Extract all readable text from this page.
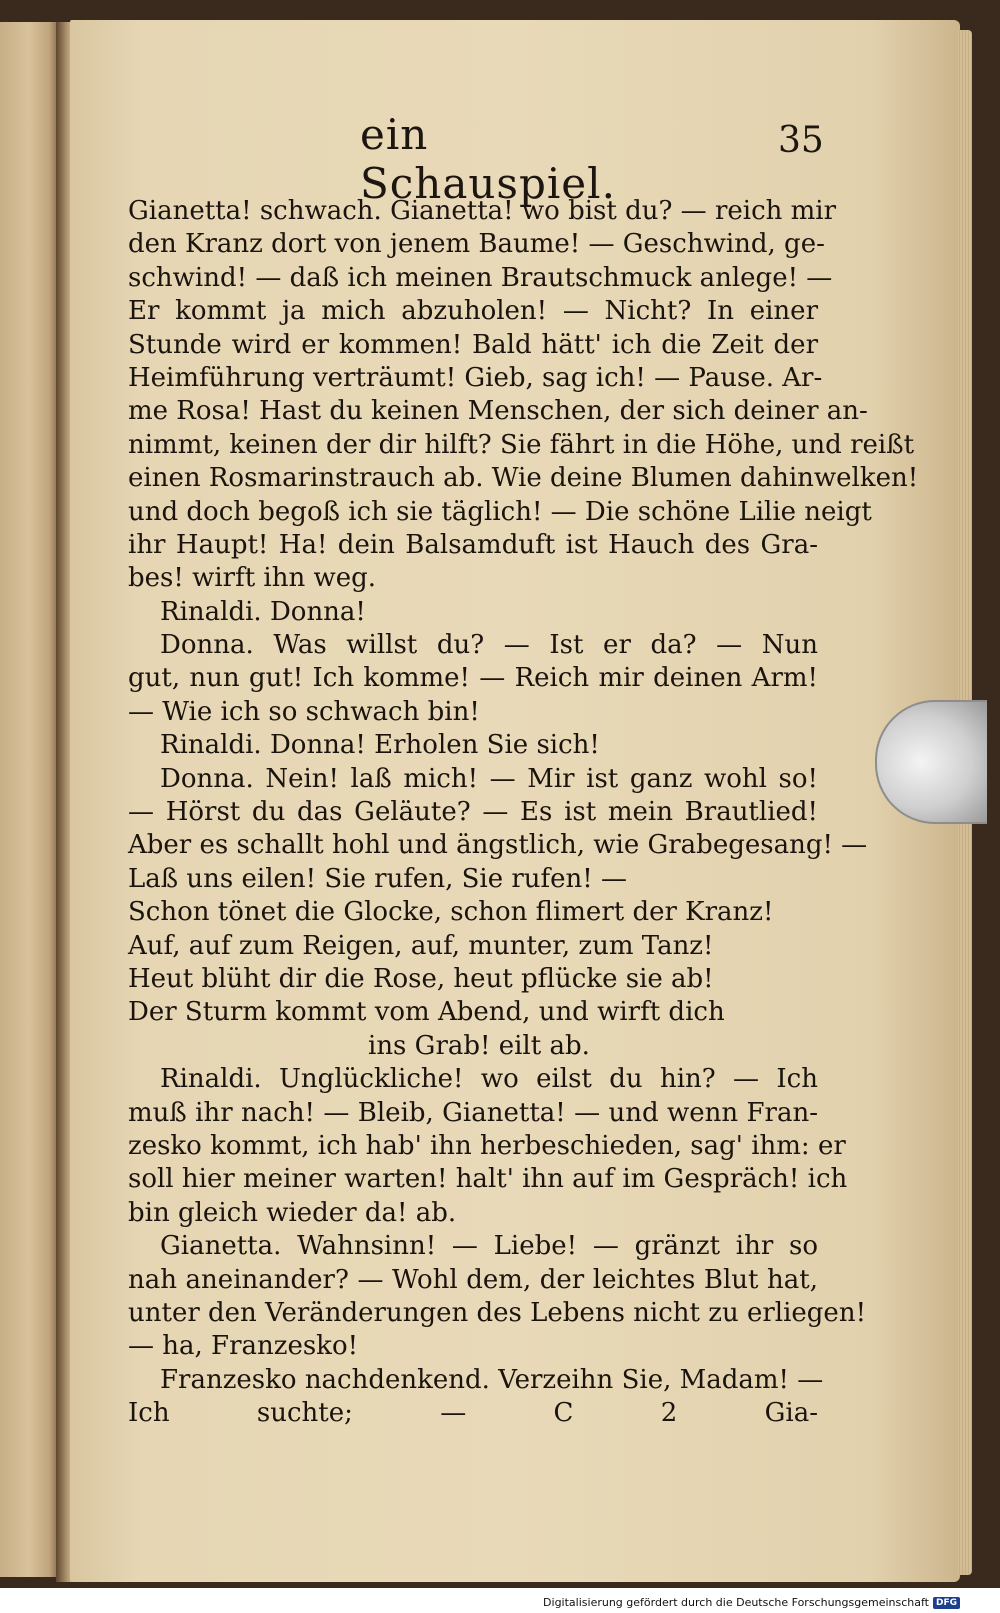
ein Schauspiel.
35
Gianetta! schwach. Gianetta! wo bist du? — reich mir
den Kranz dort von jenem Baume! — Geschwind, ge-
schwind! — daß ich meinen Brautschmuck anlege! —
Er kommt ja mich abzuholen! — Nicht? In einer
Stunde wird er kommen! Bald hätt' ich die Zeit der
Heimführung verträumt! Gieb, sag ich! — Pause. Ar-
me Rosa! Hast du keinen Menschen, der sich deiner an-
nimmt, keinen der dir hilft? Sie fährt in die Höhe, und reißt
einen Rosmarinstrauch ab. Wie deine Blumen dahinwelken!
und doch begoß ich sie täglich! — Die schöne Lilie neigt
ihr Haupt! Ha! dein Balsamduft ist Hauch des Gra-
bes! wirft ihn weg.
Rinaldi. Donna!
Donna. Was willst du? — Ist er da? — Nun
gut, nun gut! Ich komme! — Reich mir deinen Arm!
— Wie ich so schwach bin!
Rinaldi. Donna! Erholen Sie sich!
Donna. Nein! laß mich! — Mir ist ganz wohl so!
— Hörst du das Geläute? — Es ist mein Brautlied!
Aber es schallt hohl und ängstlich, wie Grabegesang! —
Laß uns eilen! Sie rufen, Sie rufen! —
Schon tönet die Glocke, schon flimert der Kranz!
Auf, auf zum Reigen, auf, munter, zum Tanz!
Heut blüht dir die Rose, heut pflücke sie ab!
Der Sturm kommt vom Abend, und wirft dich
ins Grab! eilt ab.
Rinaldi. Unglückliche! wo eilst du hin? — Ich
muß ihr nach! — Bleib, Gianetta! — und wenn Fran-
zesko kommt, ich hab' ihn herbeschieden, sag' ihm: er
soll hier meiner warten! halt' ihn auf im Gespräch! ich
bin gleich wieder da! ab.
Gianetta. Wahnsinn! — Liebe! — gränzt ihr so
nah aneinander? — Wohl dem, der leichtes Blut hat,
unter den Veränderungen des Lebens nicht zu erliegen!
— ha, Franzesko!
Franzesko nachdenkend. Verzeihn Sie, Madam! —
Ich suchte; — C 2 Gia-
Digitalisierung gefördert durch die Deutsche Forschungsgemeinschaft DFG
